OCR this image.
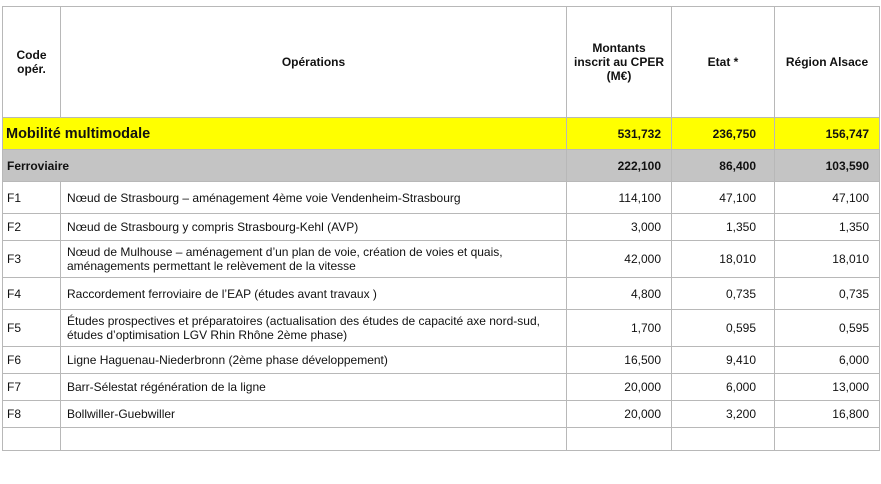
Code opér.	Opérations	Montants inscrit au CPER (M€)	Etat *	Région Alsace
Mobilité multimodale		531,732	236,750	156,747
Ferroviaire		222,100	86,400	103,590
F1	Nœud de Strasbourg – aménagement 4ème voie Vendenheim-Strasbourg	114,100	47,100	47,100
F2	Nœud de Strasbourg y compris Strasbourg-Kehl (AVP)	3,000	1,350	1,350
F3	Nœud de Mulhouse – aménagement d’un plan de voie, création de voies et quais, aménagements permettant le relèvement de la vitesse	42,000	18,010	18,010
F4	Raccordement ferroviaire de l’EAP (études avant travaux )	4,800	0,735	0,735
F5	Études prospectives et préparatoires (actualisation des études de capacité axe nord-sud, études d’optimisation LGV Rhin Rhône 2ème phase)	1,700	0,595	0,595
F6	Ligne Haguenau-Niederbronn (2ème phase développement)	16,500	9,410	6,000
F7	Barr-Sélestat régénération de la ligne	20,000	6,000	13,000
F8	Bollwiller-Guebwiller	20,000	3,200	16,800
